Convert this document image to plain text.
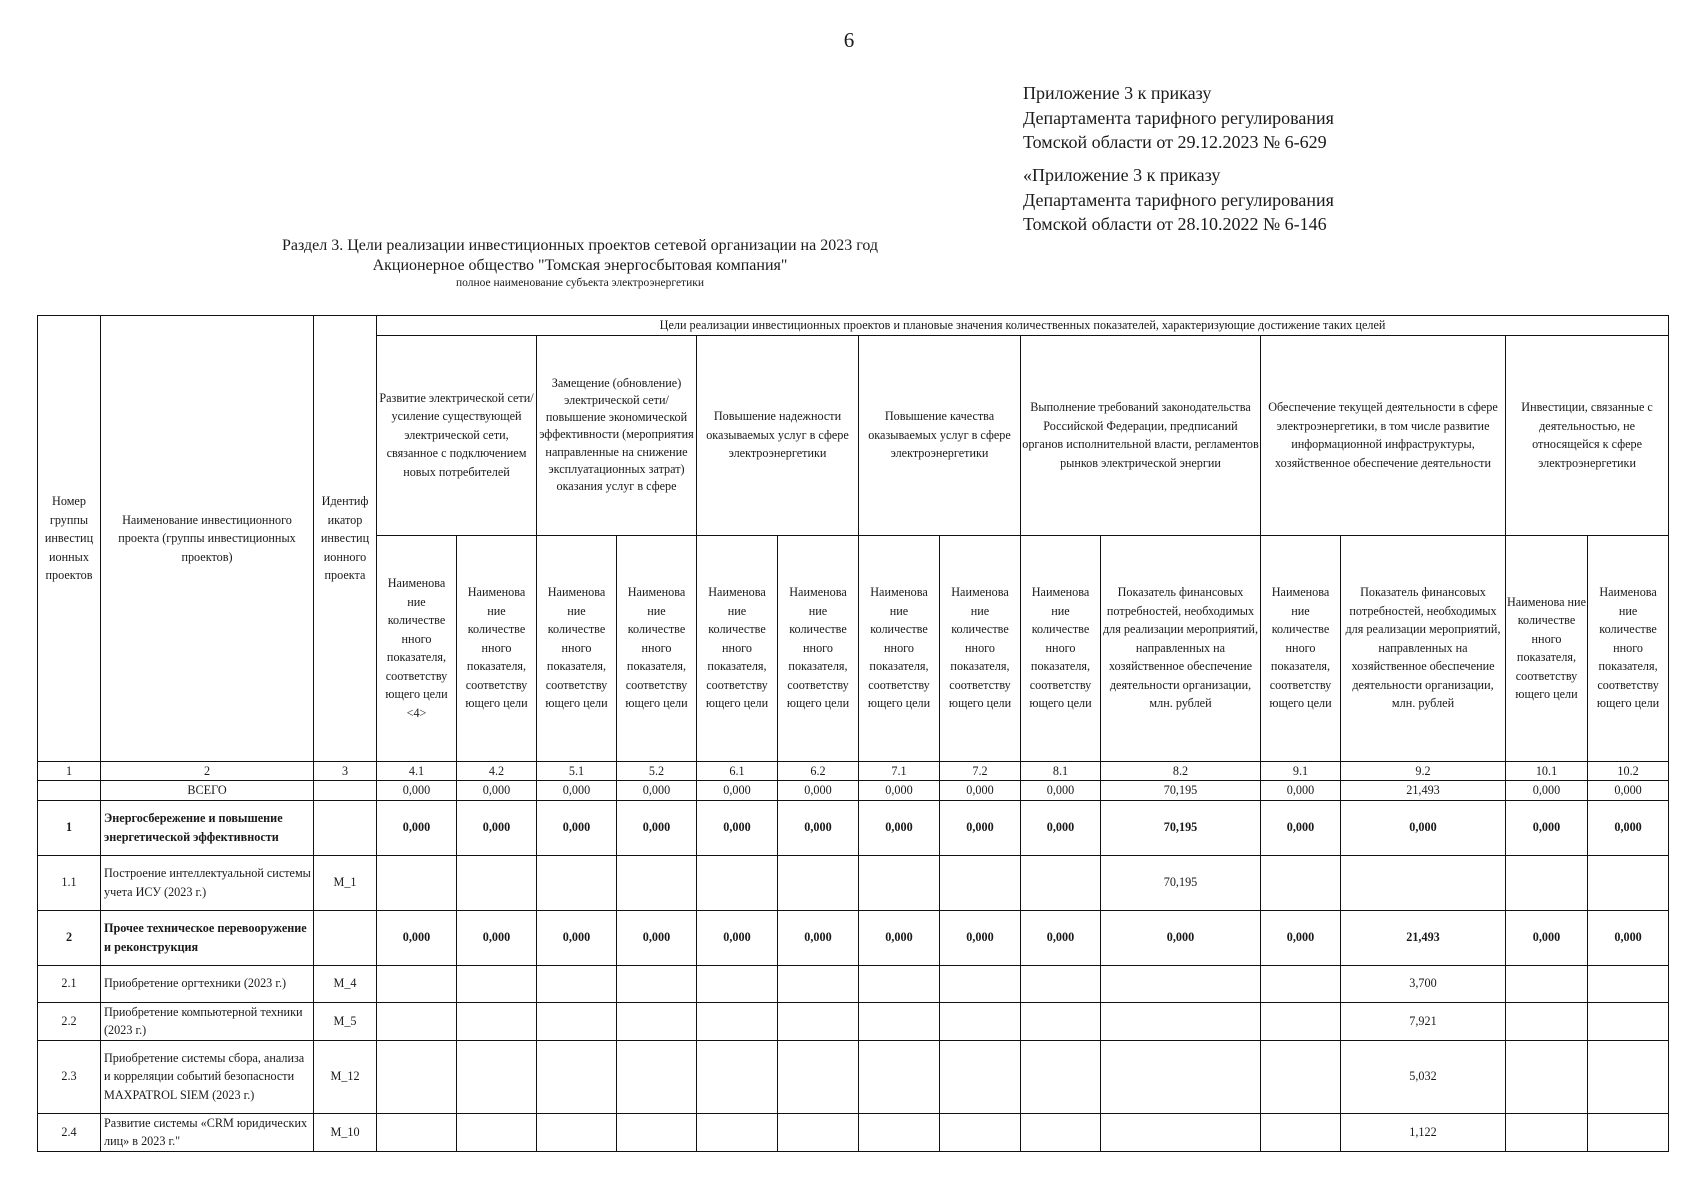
6
Приложение 3 к приказу
Департамента тарифного регулирования
Томской области от 29.12.2023 № 6-629
«Приложение 3 к приказу
Департамента тарифного регулирования
Томской области от 28.10.2022 № 6-146
Раздел 3. Цели реализации инвестиционных проектов сетевой организации на 2023 год
Акционерное общество "Томская энергосбытовая компания"
полное наименование субъекта электроэнергетики
Номер группы инвестиц ионных проектов	Наименование инвестиционного проекта (группы инвестиционных проектов)	Идентиф икатор инвестиц ионного проекта	Цели реализации инвестиционных проектов и плановые значения количественных показателей, характеризующие достижение таких целей													
			Развитие электрической сети/усиление существующей электрической сети, связанное с подключением новых потребителей		Замещение (обновление) электрической сети/повышение экономической эффективности (мероприятия направленные на снижение эксплуатационных затрат) оказания услуг в сфере		Повышение надежности оказываемых услуг в сфере электроэнергетики		Повышение качества оказываемых услуг в сфере электроэнергетики		Выполнение требований законодательства Российской Федерации, предписаний органов исполнительной власти, регламентов рынков электрической энергии		Обеспечение текущей деятельности в сфере электроэнергетики, в том числе развитие информационной инфраструктуры, хозяйственное обеспечение деятельности		Инвестиции, связанные с деятельностью, не относящейся к сфере электроэнергетики	
			Наименова ние количестве нного показателя, соответству ющего цели <4>	Наименова ние количестве нного показателя, соответству ющего цели	Наименова ние количестве нного показателя, соответству ющего цели	Наименова ние количестве нного показателя, соответству ющего цели	Наименова ние количестве нного показателя, соответству ющего цели	Наименова ние количестве нного показателя, соответству ющего цели	Наименова ние количестве нного показателя, соответству ющего цели	Наименова ние количестве нного показателя, соответству ющего цели	Наименова ние количестве нного показателя, соответству ющего цели	Показатель финансовых потребностей, необходимых для реализации мероприятий, направленных на хозяйственное обеспечение деятельности организации, млн. рублей	Наименова ние количестве нного показателя, соответству ющего цели	Показатель финансовых потребностей, необходимых для реализации мероприятий, направленных на хозяйственное обеспечение деятельности организации, млн. рублей	Наименова ние количестве нного показателя, соответству ющего цели	Наименова ние количестве нного показателя, соответству ющего цели
1	2	3	4.1	4.2	5.1	5.2	6.1	6.2	7.1	7.2	8.1	8.2	9.1	9.2	10.1	10.2
	ВСЕГО		0,000	0,000	0,000	0,000	0,000	0,000	0,000	0,000	0,000	70,195	0,000	21,493	0,000	0,000
1	Энергосбережение и повышение энергетической эффективности		0,000	0,000	0,000	0,000	0,000	0,000	0,000	0,000	0,000	70,195	0,000	0,000	0,000	0,000
1.1	Построение интеллектуальной системы учета ИСУ (2023 г.)	M_1										70,195				
2	Прочее техническое перевооружение и реконструкция		0,000	0,000	0,000	0,000	0,000	0,000	0,000	0,000	0,000	0,000	0,000	21,493	0,000	0,000
2.1	Приобретение оргтехники (2023 г.)	M_4												3,700		
2.2	Приобретение компьютерной техники (2023 г.)	M_5												7,921		
2.3	Приобретение системы сбора, анализа и корреляции событий безопасности MAXPATROL SIEM (2023 г.)	M_12												5,032		
2.4	Развитие системы «CRM юридических лиц» в 2023 г."	M_10												1,122		
